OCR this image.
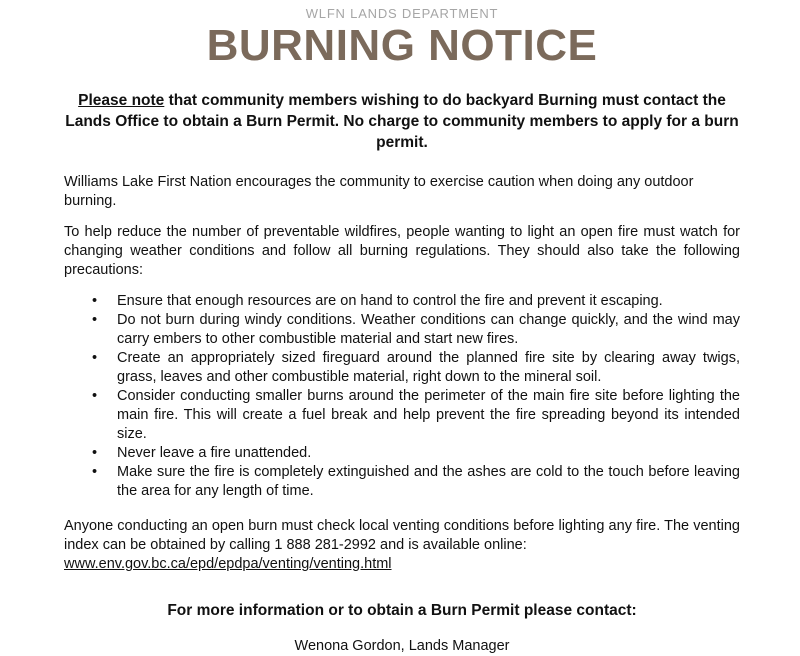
WLFN LANDS DEPARTMENT
BURNING NOTICE

Please note that community members wishing to do backyard Burning must contact the Lands Office to obtain a Burn Permit. No charge to community members to apply for a burn permit.

Williams Lake First Nation encourages the community to exercise caution when doing any outdoor burning.

To help reduce the number of preventable wildfires, people wanting to light an open fire must watch for changing weather conditions and follow all burning regulations. They should also take the following precautions:

•	Ensure that enough resources are on hand to control the fire and prevent it escaping.
•	Do not burn during windy conditions. Weather conditions can change quickly, and the wind may carry embers to other combustible material and start new fires.
•	Create an appropriately sized fireguard around the planned fire site by clearing away twigs, grass, leaves and other combustible material, right down to the mineral soil.
•	Consider conducting smaller burns around the perimeter of the main fire site before lighting the main fire. This will create a fuel break and help prevent the fire spreading beyond its intended size.
•	Never leave a fire unattended.
•	Make sure the fire is completely extinguished and the ashes are cold to the touch before leaving the area for any length of time.

Anyone conducting an open burn must check local venting conditions before lighting any fire. The venting index can be obtained by calling 1 888 281-2992 and is available online:
www.env.gov.bc.ca/epd/epdpa/venting/venting.html

For more information or to obtain a Burn Permit please contact:

Wenona Gordon, Lands Manager
